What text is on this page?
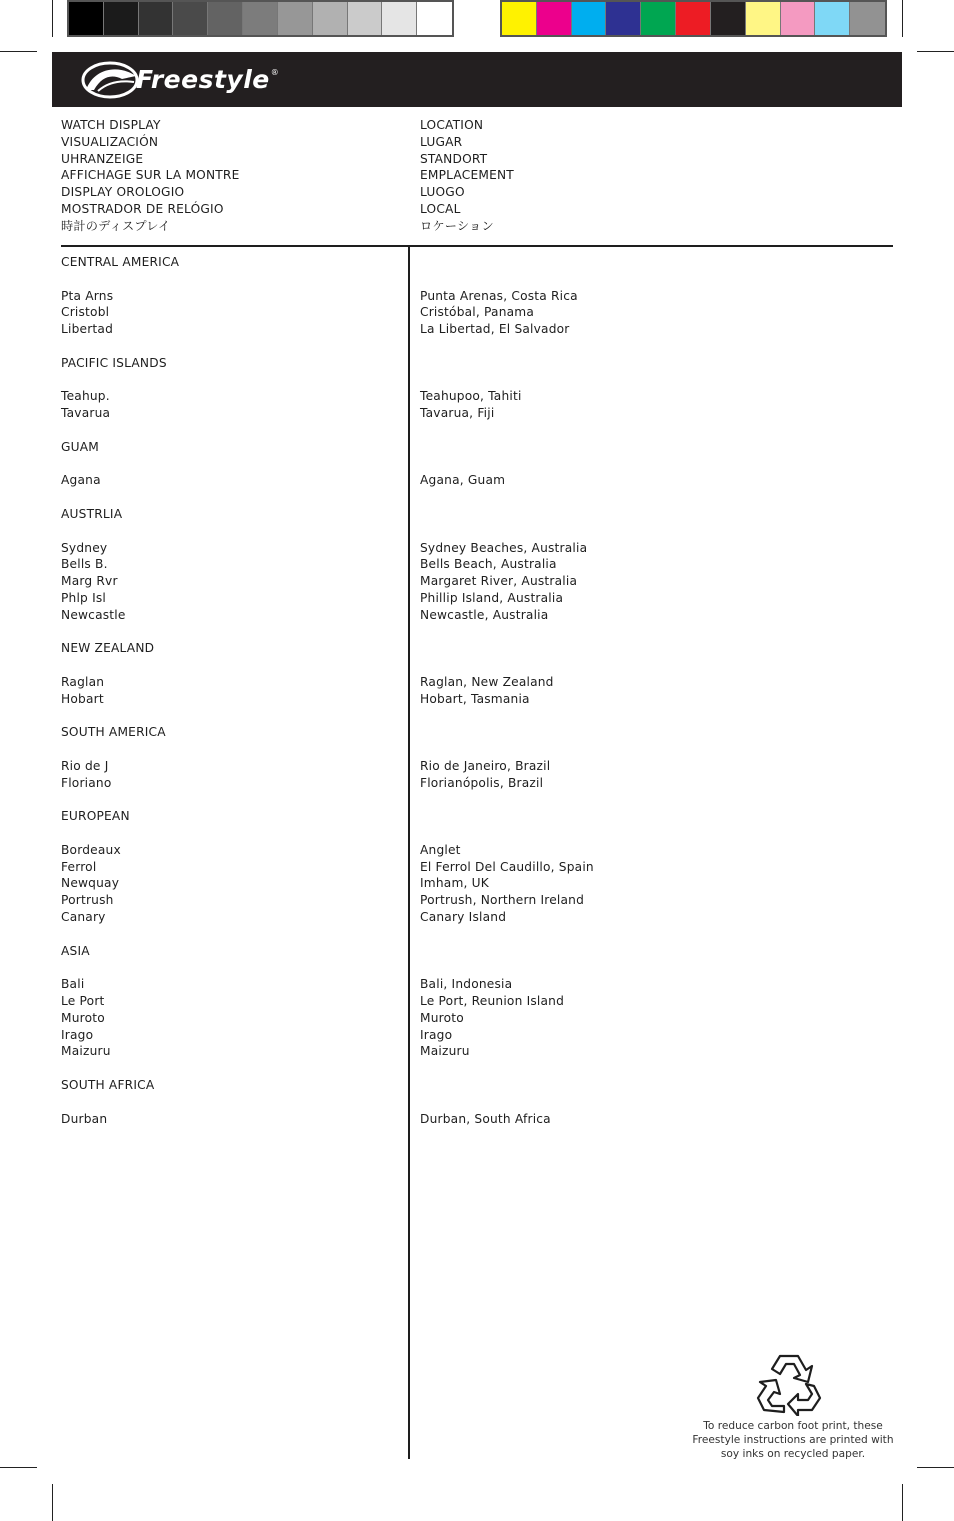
Freestyle ®
WATCH DISPLAY
VISUALIZACIÓN
UHRANZEIGE
AFFICHAGE SUR LA MONTRE
DISPLAY OROLOGIO
MOSTRADOR DE RELÓGIO
時計のディスプレイ
LOCATION
LUGAR
STANDORT
EMPLACEMENT
LUOGO
LOCAL
ロケーション
CENTRAL AMERICA
Pta Arns
Cristobl
Libertad
PACIFIC ISLANDS
Teahup.
Tavarua
GUAM
Agana
AUSTRLIA
Sydney
Bells B.
Marg Rvr
Phlp Isl
Newcastle
NEW ZEALAND
Raglan
Hobart
SOUTH AMERICA
Rio de J
Floriano
EUROPEAN
Bordeaux
Ferrol
Newquay
Portrush
Canary
ASIA
Bali
Le Port
Muroto
Irago
Maizuru
SOUTH AFRICA
Durban
Punta Arenas, Costa Rica
Cristóbal, Panama
La Libertad, El Salvador
Teahupoo, Tahiti
Tavarua, Fiji
Agana, Guam
Sydney Beaches, Australia
Bells Beach, Australia
Margaret River, Australia
Phillip Island, Australia
Newcastle, Australia
Raglan, New Zealand
Hobart, Tasmania
Rio de Janeiro, Brazil
Florianópolis, Brazil
Anglet
El Ferrol Del Caudillo, Spain
Imham, UK
Portrush, Northern Ireland
Canary Island
Bali, Indonesia
Le Port, Reunion Island
Muroto
Irago
Maizuru
Durban, South Africa
To reduce carbon foot print, these
Freestyle instructions are printed with
soy inks on recycled paper.
